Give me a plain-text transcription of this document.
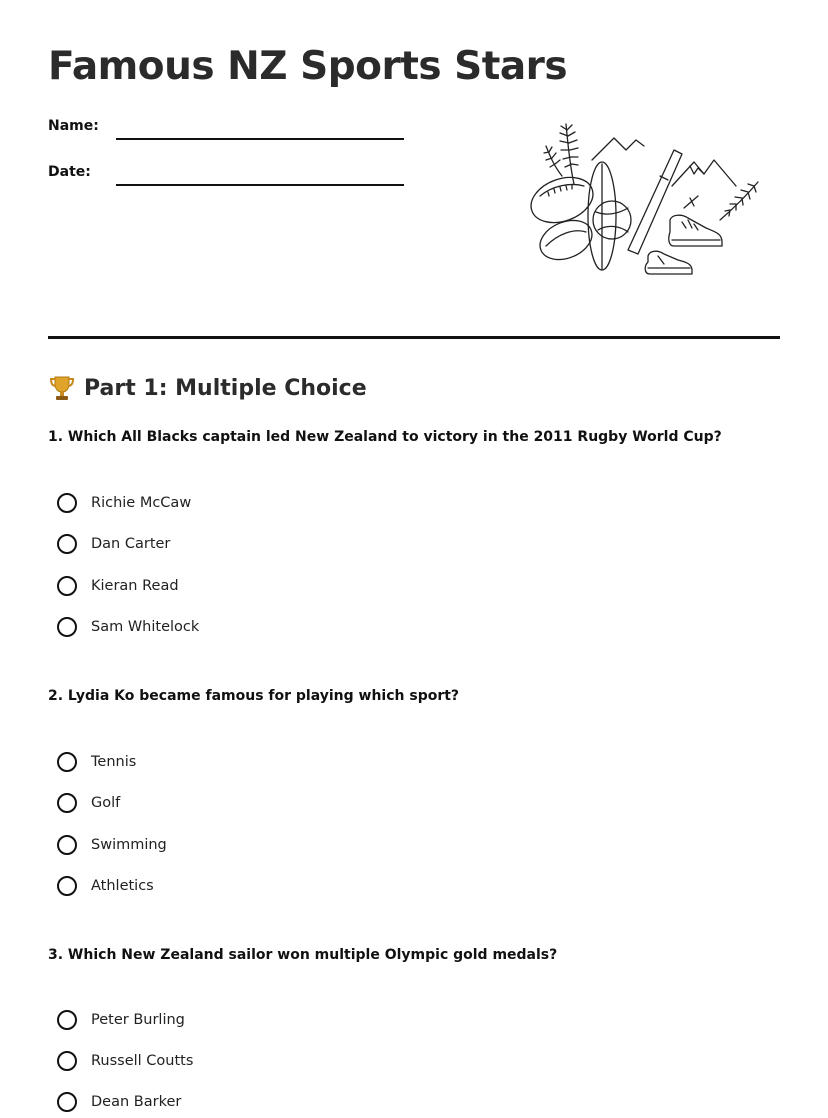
Famous NZ Sports Stars
Name:
Date:
Part 1: Multiple Choice

1. Which All Blacks captain led New Zealand to victory in the 2011 Rugby World Cup?

Richie McCaw
Dan Carter
Kieran Read
Sam Whitelock

2. Lydia Ko became famous for playing which sport?

Tennis
Golf
Swimming
Athletics

3. Which New Zealand sailor won multiple Olympic gold medals?

Peter Burling
Russell Coutts
Dean Barker
